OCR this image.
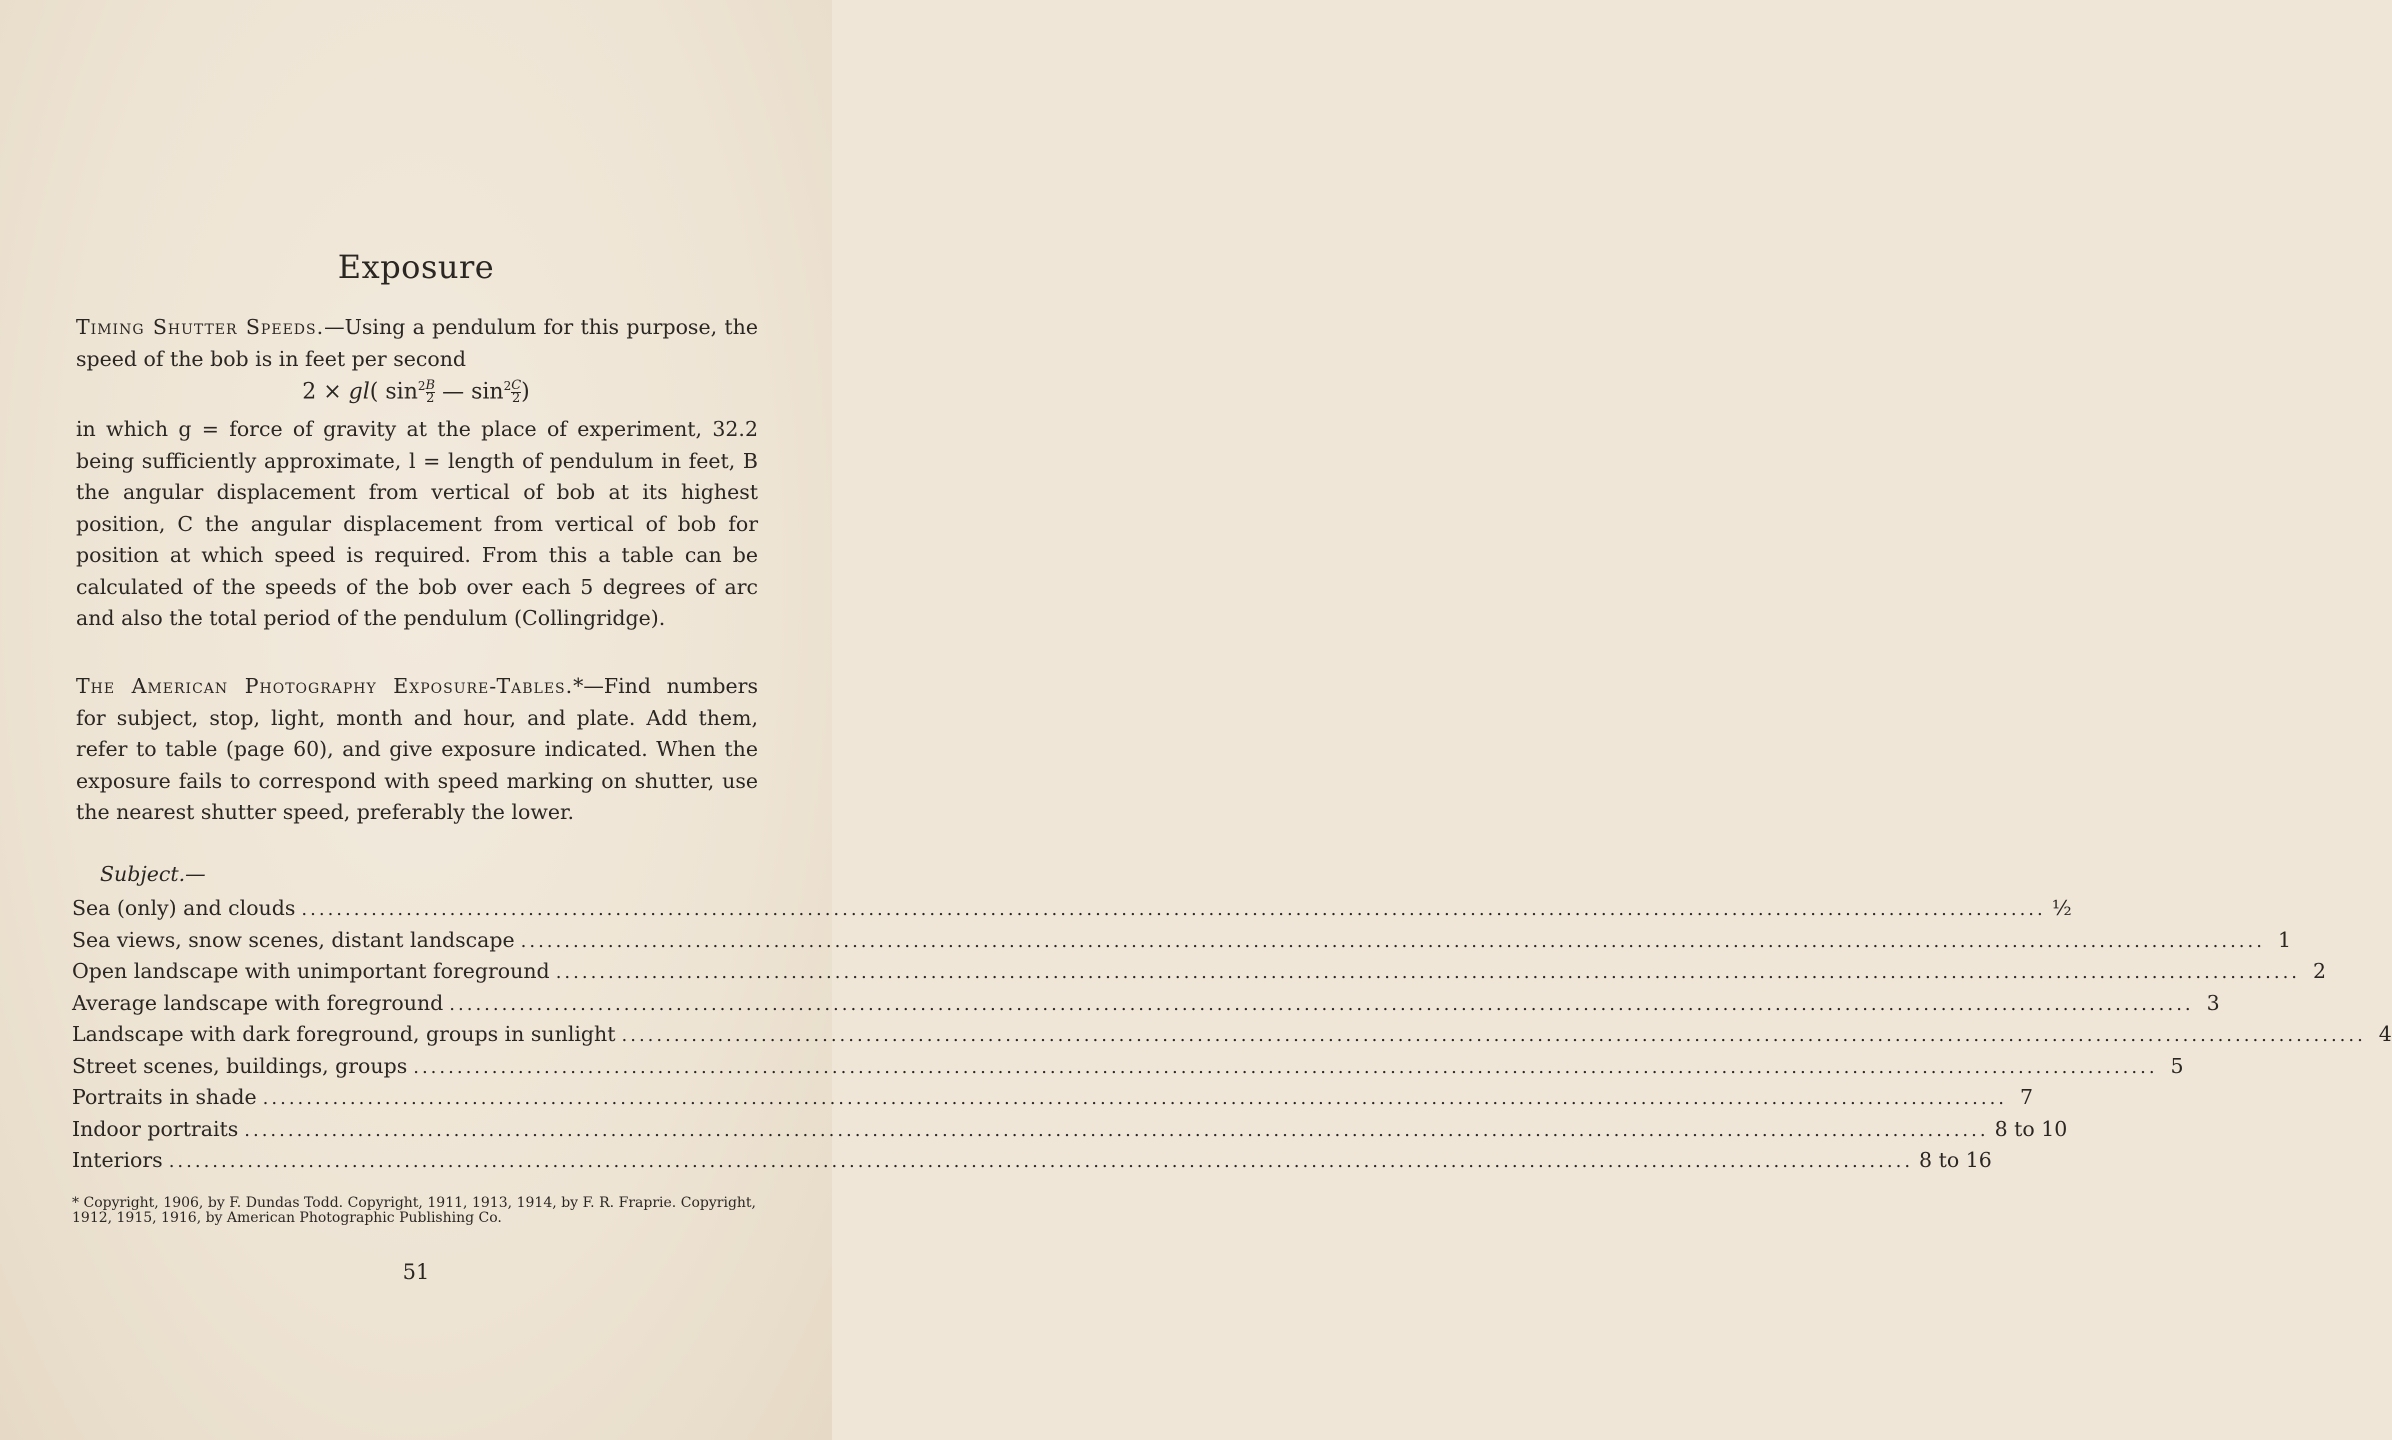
Exposure
Timing Shutter Speeds.—Using a pendulum for this purpose, the speed of the bob is in feet per second
2 × gl( $\sin^2 \frac{B}{2}$ — $\sin^2 \frac{C}{2}$ )
in which g = force of gravity at the place of experiment, 32.2 being sufficiently approximate, l = length of pendulum in feet, B the angular displacement from vertical of bob at its highest position, C the angular displacement from vertical of bob for position at which speed is required. From this a table can be calculated of the speeds of the bob over each 5 degrees of arc and also the total period of the pendulum (Collingridge).
The American Photography Exposure-Tables.*—Find numbers for subject, stop, light, month and hour, and plate. Add them, refer to table (page 60), and give exposure indicated. When the exposure fails to correspond with speed marking on shutter, use the nearest shutter speed, preferably the lower.
Subject.—
Sea (only) and clouds ........................................................................................................................................................................................................ ½
Sea views, snow scenes, distant landscape ........................................................................................................................................................................................................ 1
Open landscape with unimportant foreground ........................................................................................................................................................................................................ 2
Average landscape with foreground ........................................................................................................................................................................................................ 3
Landscape with dark foreground, groups in sunlight ........................................................................................................................................................................................................ 4
Street scenes, buildings, groups ........................................................................................................................................................................................................ 5
Portraits in shade ........................................................................................................................................................................................................ 7
Indoor portraits ........................................................................................................................................................................................................ 8 to 10
Interiors ........................................................................................................................................................................................................ 8 to 16
* Copyright, 1906, by F. Dundas Todd. Copyright, 1911, 1913, 1914, by F. R. Fraprie. Copyright, 1912, 1915, 1916, by American Photographic Publishing Co.
51
